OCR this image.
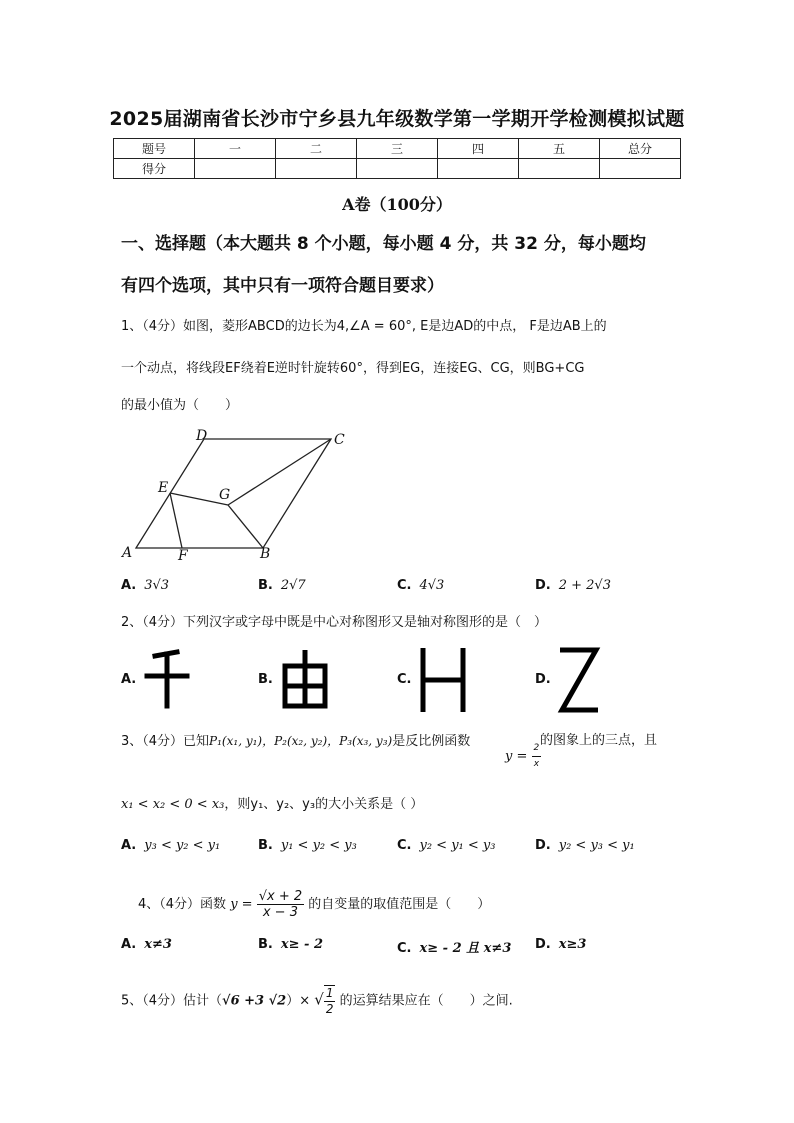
2025届湖南省长沙市宁乡县九年级数学第一学期开学检测模拟试题
题号	一	二	三	四	五	总分
得分						
A卷（100分）
一、选择题（本大题共 8 个小题，每小题 4 分，共 32 分，每小题均
有四个选项，其中只有一项符合题目要求）
1、（4分）如图，菱形ABCD的边长为4,∠A = 60°, E是边AD的中点， F是边AB上的
一个动点，将线段EF绕着E逆时针旋转60°，得到EG，连接EG、CG，则BG+CG
的最小值为（　　）
D	C
E	G
A	F	B
A. 3√3	B. 2√7	C. 4√3	D. 2 + 2√3
2、（4分）下列汉字或字母中既是中心对称图形又是轴对称图形的是（　）
A.	B.	C.	D.
3、（4分）已知P₁(x₁, y₁)，P₂(x₂, y₂)，P₃(x₃, y₃)是反比例函数
$y = \frac{2}{x}$
的图象上的三点，且
x₁ < x₂ < 0 < x₃，则y₁、y₂、y₃的大小关系是（ ）
A. y₃ < y₂ < y₁	B. y₁ < y₂ < y₃	C. y₂ < y₁ < y₃	D. y₂ < y₃ < y₁
4、（4分）函数 $y = \frac{√x + 2}{x - 3}$ 的自变量的取值范围是（　　）
A. x≠3	B. x≥ - 2	C. x≥ - 2 且 x≠3 D. x≥3
5、（4分）估计（√6 +3 √2）× √ $\frac{1}{2}$ 的运算结果应在（　　）之间.
